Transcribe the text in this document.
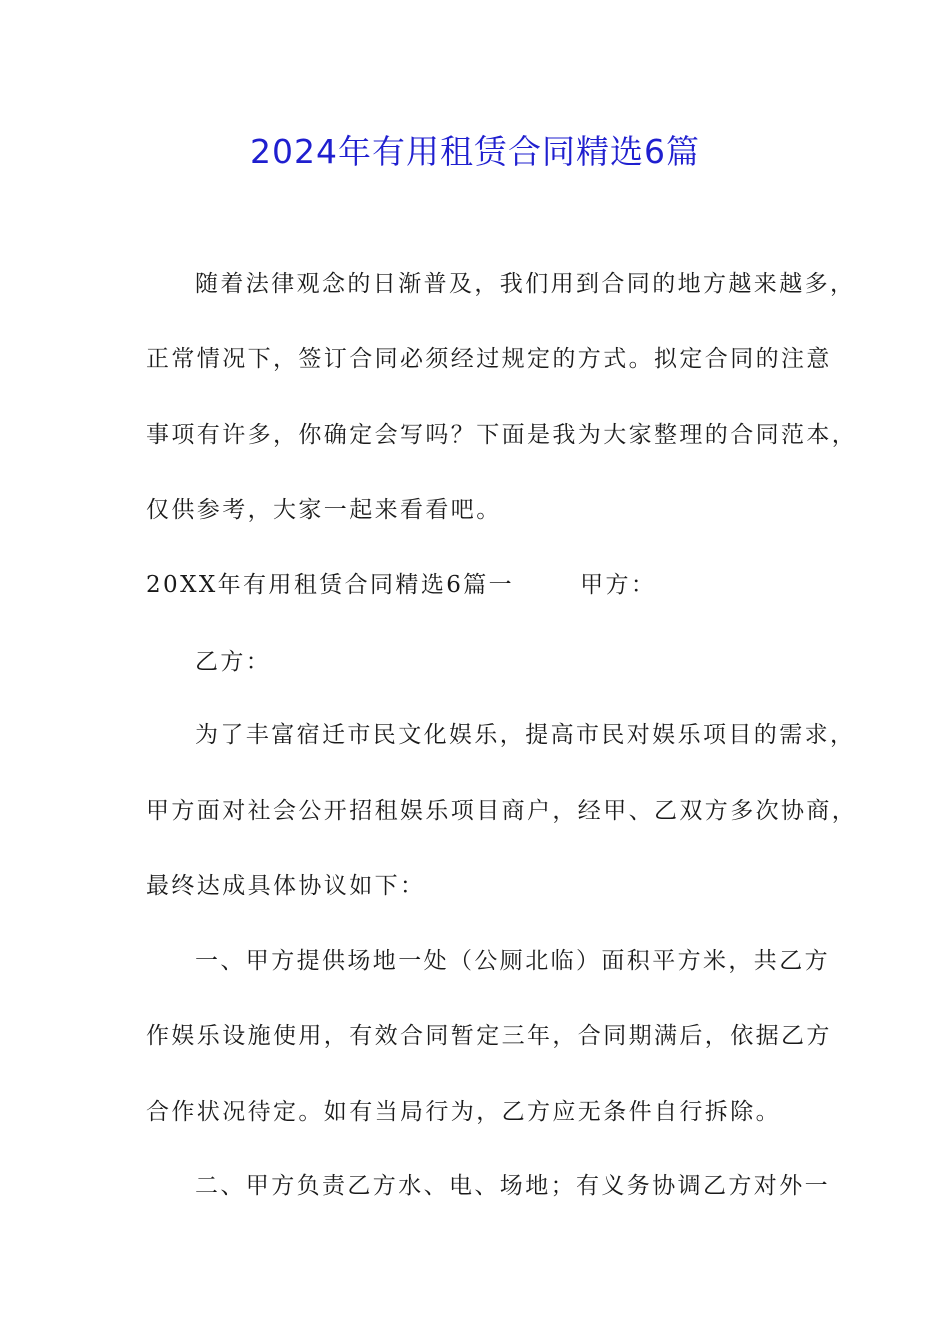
2024年有用租赁合同精选6篇
随着法律观念的日渐普及，我们用到合同的地方越来越多，
正常情况下，签订合同必须经过规定的方式。拟定合同的注意
事项有许多，你确定会写吗？下面是我为大家整理的合同范本，
仅供参考，大家一起来看看吧。
20XX年有用租赁合同精选6篇一	甲方：
乙方：
为了丰富宿迁市民文化娱乐，提高市民对娱乐项目的需求，
甲方面对社会公开招租娱乐项目商户，经甲、乙双方多次协商，
最终达成具体协议如下：
一、甲方提供场地一处（公厕北临）面积平方米，共乙方
作娱乐设施使用，有效合同暂定三年，合同期满后，依据乙方
合作状况待定。如有当局行为，乙方应无条件自行拆除。
二、甲方负责乙方水、电、场地；有义务协调乙方对外一
